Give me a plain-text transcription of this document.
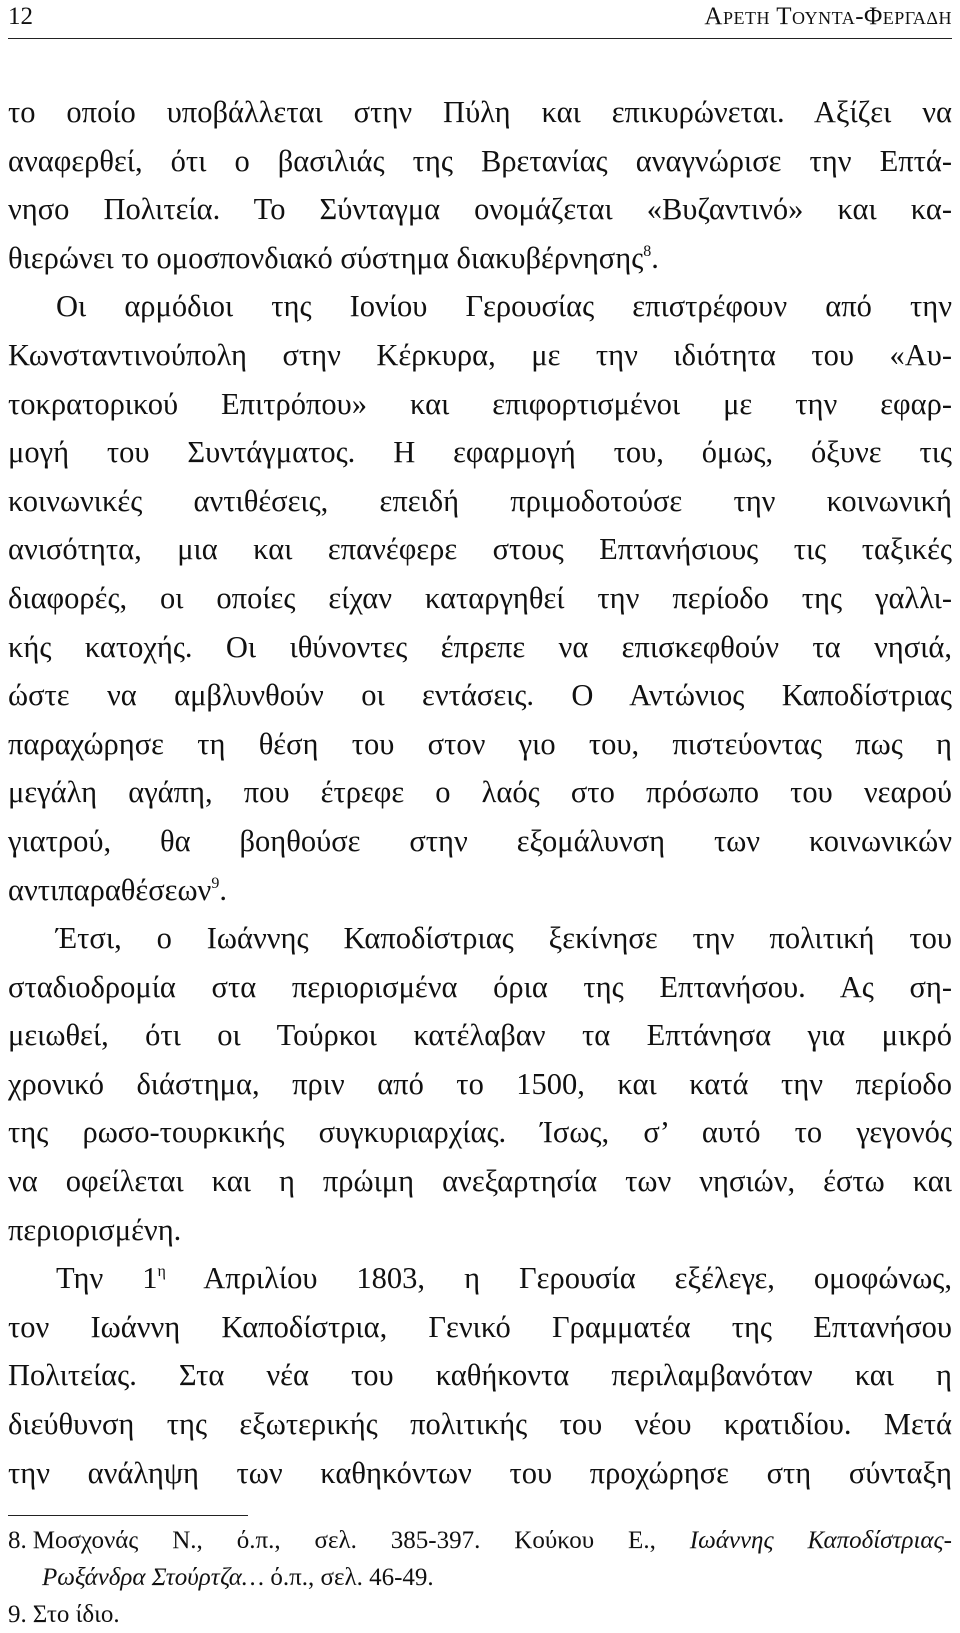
12	Αρετη Τουντα-Φεργαδη

το οποίο υποβάλλεται στην Πύλη και επικυρώνεται. Αξίζει να

αναφερθεί, ότι ο βασιλιάς της Βρετανίας αναγνώρισε την Επτά-

νησο Πολιτεία. Το Σύνταγμα ονομάζεται «Βυζαντινό» και κα-

θιερώνει το ομοσπονδιακό σύστημα διακυβέρνησης$^8$.

Οι αρμόδιοι της Ιονίου Γερουσίας επιστρέφουν από την

Κωνσταντινούπολη στην Κέρκυρα, με την ιδιότητα του «Αυ-

τοκρατορικού Επιτρόπου» και επιφορτισμένοι με την εφαρ-

μογή του Συντάγματος. Η εφαρμογή του, όμως, όξυνε τις

κοινωνικές αντιθέσεις, επειδή πριμοδοτούσε την κοινωνική

ανισότητα, μια και επανέφερε στους Επτανήσιους τις ταξικές

διαφορές, οι οποίες είχαν καταργηθεί την περίοδο της γαλλι-

κής κατοχής. Οι ιθύνοντες έπρεπε να επισκεφθούν τα νησιά,

ώστε να αμβλυνθούν οι εντάσεις. Ο Αντώνιος Καποδίστριας

παραχώρησε τη θέση του στον γιο του, πιστεύοντας πως η

μεγάλη αγάπη, που έτρεφε ο λαός στο πρόσωπο του νεαρού

γιατρού, θα βοηθούσε στην εξομάλυνση των κοινωνικών

αντιπαραθέσεων$^9$.

Έτσι, ο Ιωάννης Καποδίστριας ξεκίνησε την πολιτική του

σταδιοδρομία στα περιορισμένα όρια της Επτανήσου. Ας ση-

μειωθεί, ότι οι Τούρκοι κατέλαβαν τα Επτάνησα για μικρό

χρονικό διάστημα, πριν από το 1500, και κατά την περίοδο

της ρωσο-τουρκικής συγκυριαρχίας. Ίσως, σ’ αυτό το γεγονός

να οφείλεται και η πρώιμη ανεξαρτησία των νησιών, έστω και

περιορισμένη.

Την $1^\eta$ Απριλίου 1803, η Γερουσία εξέλεγε, ομοφώνως,

τον Ιωάννη Καποδίστρια, Γενικό Γραμματέα της Επτανήσου

Πολιτείας. Στα νέα του καθήκοντα περιλαμβανόταν και η

διεύθυνση της εξωτερικής πολιτικής του νέου κρατιδίου. Μετά

την ανάληψη των καθηκόντων του προχώρησε στη σύνταξη

8. Μοσχονάς Ν., ό.π., σελ. 385-397. Κούκου Ε., Ιωάννης Καποδίστριας-

Ρωξάνδρα Στούρτζα… ό.π., σελ. 46-49.

9. Στο ίδιο.
